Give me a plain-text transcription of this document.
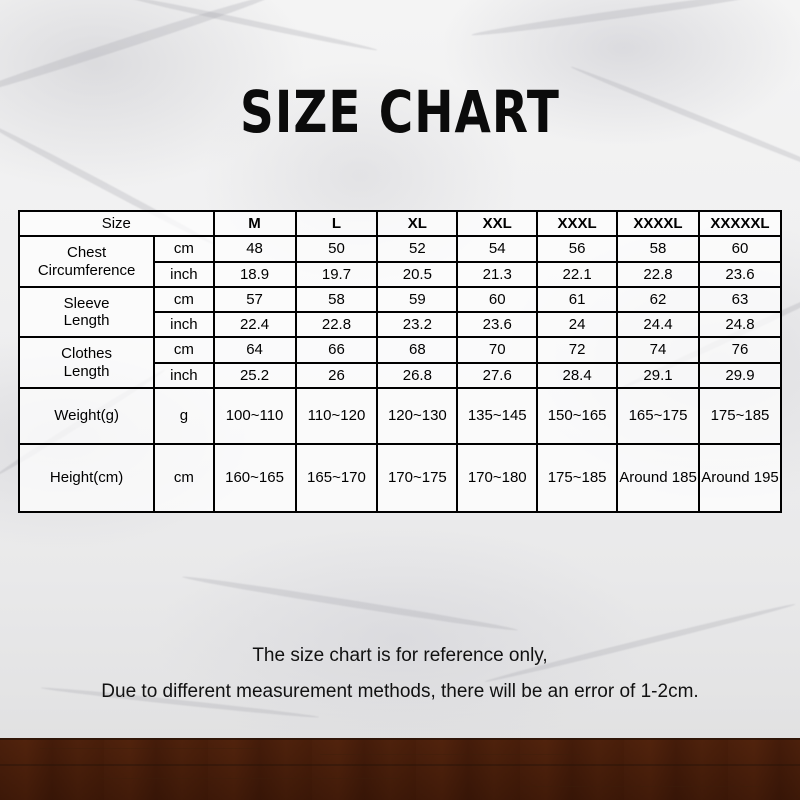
SIZE CHART
Size		M	L	XL	XXL	XXXL	XXXXL	XXXXXL

Chest
Circumference	cm	48	50	52	54	56	58	60
	inch	18.9	19.7	20.5	21.3	22.1	22.8	23.6

Sleeve
Length	cm	57	58	59	60	61	62	63
	inch	22.4	22.8	23.2	23.6	24	24.4	24.8

Clothes
Length	cm	64	66	68	70	72	74	76
	inch	25.2	26	26.8	27.6	28.4	29.1	29.9
Weight(g)	g	100~110	110~120	120~130	135~145	150~165	165~175	175~185
Height(cm)	cm	160~165	165~170	170~175	170~180	175~185	Around 185	Around 195
The size chart is for reference only,
Due to different measurement methods, there will be an error of 1-2cm.
